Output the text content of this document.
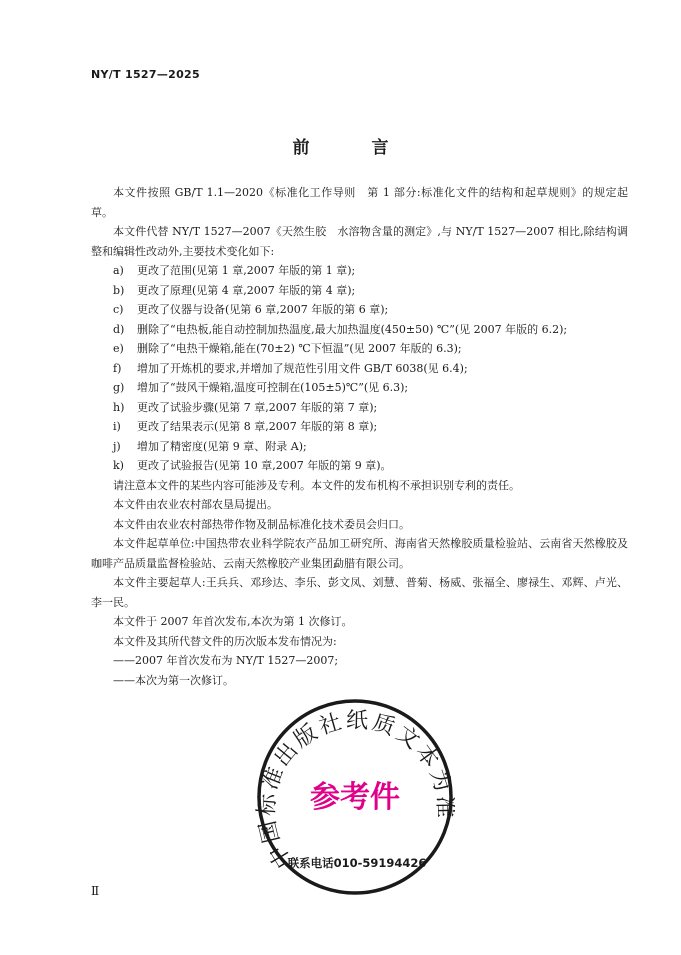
NY/T 1527—2025
前 言

本文件按照 GB/T 1.1—2020《标准化工作导则　第 1 部分:标准化文件的结构和起草规则》的规定起草。

本文件代替 NY/T 1527—2007《天然生胶　水溶物含量的测定》,与 NY/T 1527—2007 相比,除结构调整和编辑性改动外,主要技术变化如下:

a) 更改了范围(见第 1 章,2007 年版的第 1 章);
b) 更改了原理(见第 4 章,2007 年版的第 4 章);
c) 更改了仪器与设备(见第 6 章,2007 年版的第 6 章);
d) 删除了“电热板,能自动控制加热温度,最大加热温度(450±50) ℃”(见 2007 年版的 6.2);
e) 删除了“电热干燥箱,能在(70±2) ℃下恒温”(见 2007 年版的 6.3);
f) 增加了开炼机的要求,并增加了规范性引用文件 GB/T 6038(见 6.4);
g) 增加了“鼓风干燥箱,温度可控制在(105±5)℃”(见 6.3);
h) 更改了试验步骤(见第 7 章,2007 年版的第 7 章);
i) 更改了结果表示(见第 8 章,2007 年版的第 8 章);
j) 增加了精密度(见第 9 章、附录 A);
k) 更改了试验报告(见第 10 章,2007 年版的第 9 章)。

请注意本文件的某些内容可能涉及专利。本文件的发布机构不承担识别专利的责任。

本文件由农业农村部农垦局提出。

本文件由农业农村部热带作物及制品标准化技术委员会归口。

本文件起草单位:中国热带农业科学院农产品加工研究所、海南省天然橡胶质量检验站、云南省天然橡胶及咖啡产品质量监督检验站、云南天然橡胶产业集团勐腊有限公司。

本文件主要起草人:王兵兵、邓珍达、李乐、彭文凤、刘慧、普菊、杨威、张福全、廖禄生、邓辉、卢光、李一民。

本文件于 2007 年首次发布,本次为第 1 次修订。

本文件及其所代替文件的历次版本发布情况为:

——2007 年首次发布为 NY/T 1527—2007;

——本次为第一次修订。

中国标准出版社纸质文本为准
参考件
联系电话010-59194426
Ⅱ
